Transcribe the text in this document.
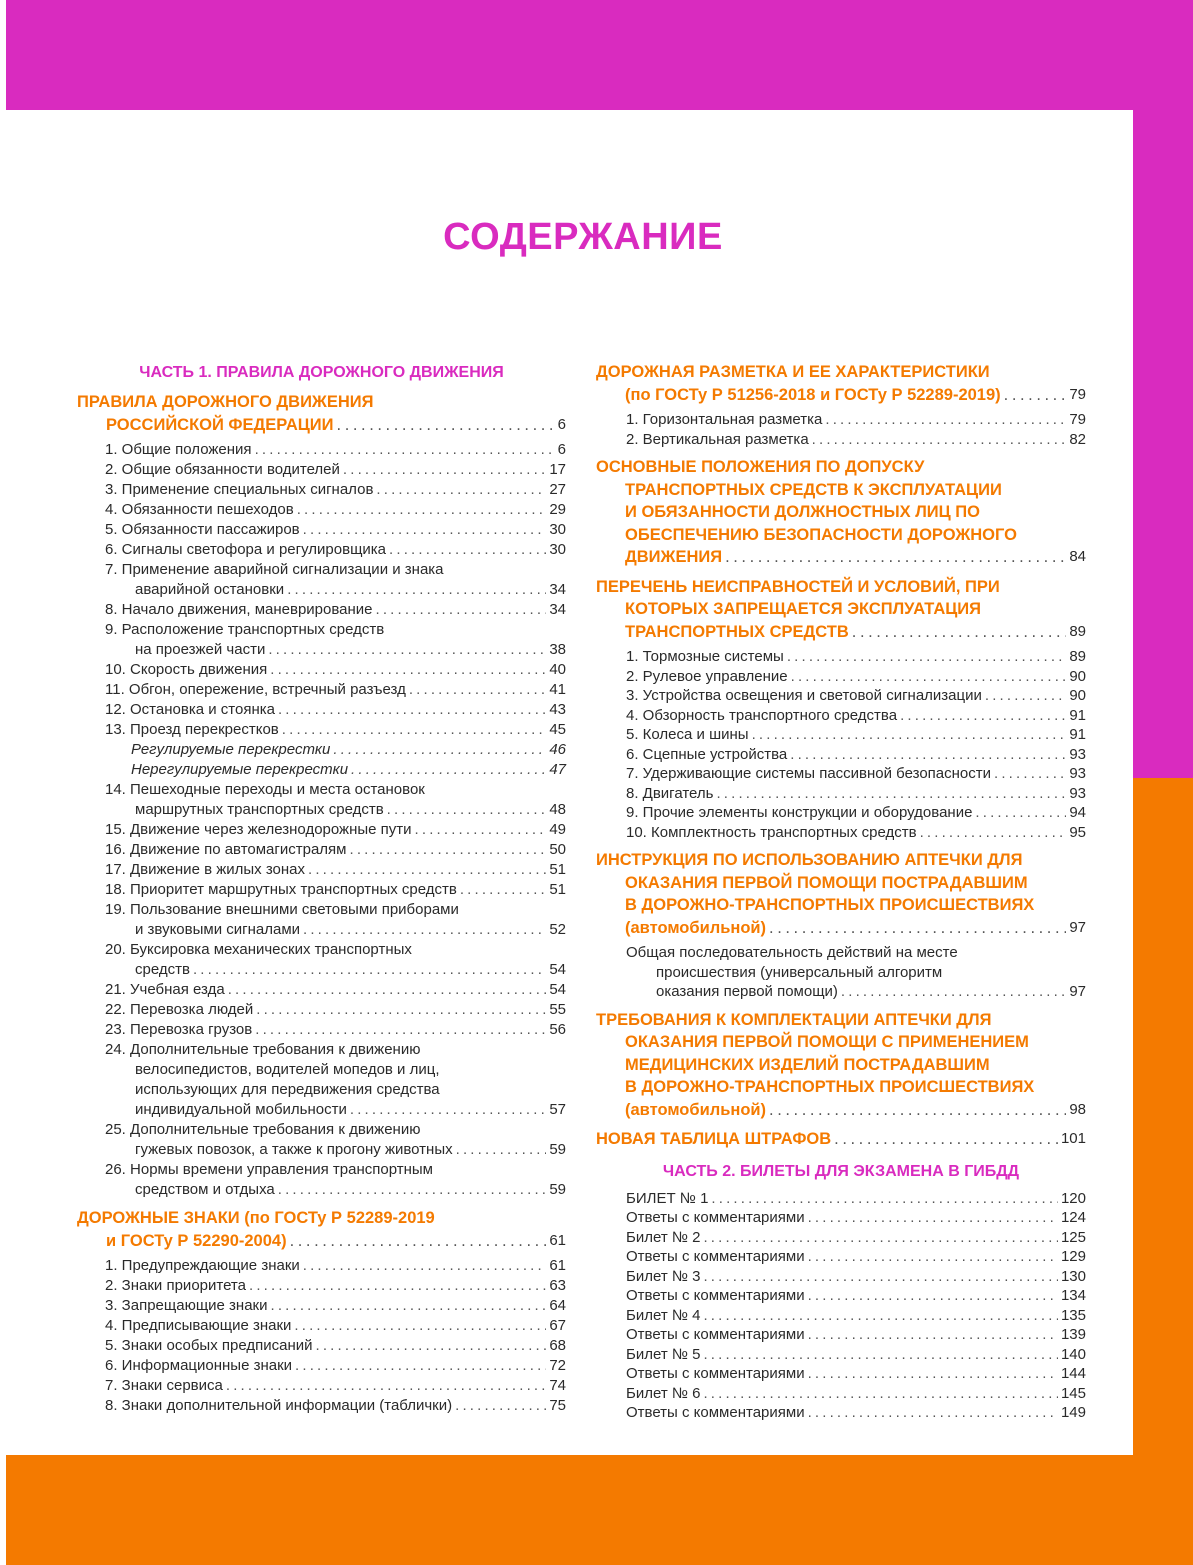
СОДЕРЖАНИЕ
ЧАСТЬ 1. ПРАВИЛА ДОРОЖНОГО ДВИЖЕНИЯ
ПРАВИЛА ДОРОЖНОГО ДВИЖЕНИЯ
РОССИЙСКОЙ ФЕДЕРАЦИИ . . .	6
1. Общие положения . . .	6
2. Общие обязанности водителей . . .	17
3. Применение специальных сигналов . . .	27
4. Обязанности пешеходов . . .	29
5. Обязанности пассажиров . . .	30
6. Сигналы светофора и регулировщика . . .	30
7. Применение аварийной сигнализации и знака
аварийной остановки . . .	34
8. Начало движения, маневрирование . . .	34
9. Расположение транспортных средств
на проезжей части . . .	38
10. Скорость движения . . .	40
11. Обгон, опережение, встречный разъезд . . .	41
12. Остановка и стоянка . . .	43
13. Проезд перекрестков . . .	45
Регулируемые перекрестки . . .	46
Нерегулируемые перекрестки . . .	47
14. Пешеходные переходы и места остановок
маршрутных транспортных средств . . .	48
15. Движение через железнодорожные пути . . .	49
16. Движение по автомагистралям . . .	50
17. Движение в жилых зонах . . .	51
18. Приоритет маршрутных транспортных средств . . .	51
19. Пользование внешними световыми приборами
и звуковыми сигналами . . .	52
20. Буксировка механических транспортных
средств . . .	54
21. Учебная езда . . .	54
22. Перевозка людей . . .	55
23. Перевозка грузов . . .	56
24. Дополнительные требования к движению
велосипедистов, водителей мопедов и лиц,
использующих для передвижения средства
индивидуальной мобильности . . .	57
25. Дополнительные требования к движению
гужевых повозок, а также к прогону животных . . .	59
26. Нормы времени управления транспортным
средством и отдыха . . .	59
ДОРОЖНЫЕ ЗНАКИ (по ГОСТу Р 52289-2019
и ГОСТу Р 52290-2004) . . .	61
1. Предупреждающие знаки . . .	61
2. Знаки приоритета . . .	63
3. Запрещающие знаки . . .	64
4. Предписывающие знаки . . .	67
5. Знаки особых предписаний . . .	68
6. Информационные знаки . . .	72
7. Знаки сервиса . . .	74
8. Знаки дополнительной информации (таблички) . . .	75
ДОРОЖНАЯ РАЗМЕТКА И ЕЕ ХАРАКТЕРИСТИКИ
(по ГОСТу Р 51256-2018 и ГОСТу Р 52289-2019) . . .	79
1. Горизонтальная разметка . . .	79
2. Вертикальная разметка . . .	82
ОСНОВНЫЕ ПОЛОЖЕНИЯ ПО ДОПУСКУ
ТРАНСПОРТНЫХ СРЕДСТВ К ЭКСПЛУАТАЦИИ
И ОБЯЗАННОСТИ ДОЛЖНОСТНЫХ ЛИЦ ПО
ОБЕСПЕЧЕНИЮ БЕЗОПАСНОСТИ ДОРОЖНОГО
ДВИЖЕНИЯ . . .	84
ПЕРЕЧЕНЬ НЕИСПРАВНОСТЕЙ И УСЛОВИЙ, ПРИ
КОТОРЫХ ЗАПРЕЩАЕТСЯ ЭКСПЛУАТАЦИЯ
ТРАНСПОРТНЫХ СРЕДСТВ . . .	89
1. Тормозные системы . . .	89
2. Рулевое управление . . .	90
3. Устройства освещения и световой сигнализации . . .	90
4. Обзорность транспортного средства . . .	91
5. Колеса и шины . . .	91
6. Сцепные устройства . . .	93
7. Удерживающие системы пассивной безопасности . . .	93
8. Двигатель . . .	93
9. Прочие элементы конструкции и оборудование . . .	94
10. Комплектность транспортных средств . . .	95
ИНСТРУКЦИЯ ПО ИСПОЛЬЗОВАНИЮ АПТЕЧКИ ДЛЯ
ОКАЗАНИЯ ПЕРВОЙ ПОМОЩИ ПОСТРАДАВШИМ
В ДОРОЖНО-ТРАНСПОРТНЫХ ПРОИСШЕСТВИЯХ
(автомобильной) . . .	97
Общая последовательность действий на месте
происшествия (универсальный алгоритм
оказания первой помощи) . . .	97
ТРЕБОВАНИЯ К КОМПЛЕКТАЦИИ АПТЕЧКИ ДЛЯ
ОКАЗАНИЯ ПЕРВОЙ ПОМОЩИ С ПРИМЕНЕНИЕМ
МЕДИЦИНСКИХ ИЗДЕЛИЙ ПОСТРАДАВШИМ
В ДОРОЖНО-ТРАНСПОРТНЫХ ПРОИСШЕСТВИЯХ
(автомобильной) . . .	98
НОВАЯ ТАБЛИЦА ШТРАФОВ . . .	101
ЧАСТЬ 2. БИЛЕТЫ ДЛЯ ЭКЗАМЕНА В ГИБДД
БИЛЕТ № 1 . . .	120
Ответы с комментариями . . .	124
Билет № 2 . . .	125
Ответы с комментариями . . .	129
Билет № 3 . . .	130
Ответы с комментариями . . .	134
Билет № 4 . . .	135
Ответы с комментариями . . .	139
Билет № 5 . . .	140
Ответы с комментариями . . .	144
Билет № 6 . . .	145
Ответы с комментариями . . .	149
